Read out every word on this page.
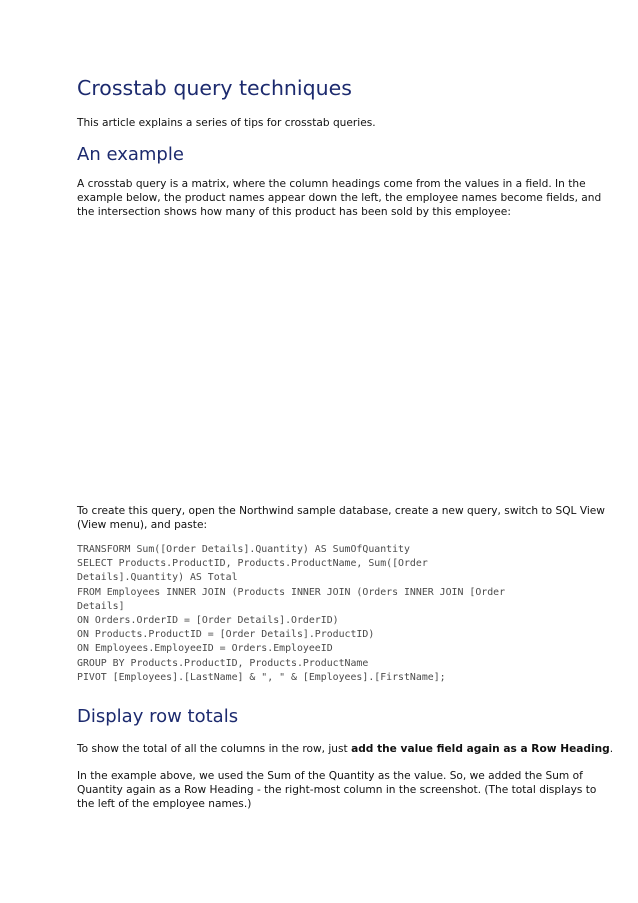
Crosstab query techniques

This article explains a series of tips for crosstab queries.

An example

A crosstab query is a matrix, where the column headings come from the values in a field. In the
example below, the product names appear down the left, the employee names become fields, and
the intersection shows how many of this product has been sold by this employee:

To create this query, open the Northwind sample database, create a new query, switch to SQL View
(View menu), and paste:

TRANSFORM Sum([Order Details].Quantity) AS SumOfQuantity
SELECT Products.ProductID, Products.ProductName, Sum([Order
Details].Quantity) AS Total
FROM Employees INNER JOIN (Products INNER JOIN (Orders INNER JOIN [Order
Details]
ON Orders.OrderID = [Order Details].OrderID)
ON Products.ProductID = [Order Details].ProductID)
ON Employees.EmployeeID = Orders.EmployeeID
GROUP BY Products.ProductID, Products.ProductName
PIVOT [Employees].[LastName] & ", " & [Employees].[FirstName];
Display row totals

To show the total of all the columns in the row, just add the value field again as a Row Heading.

In the example above, we used the Sum of the Quantity as the value. So, we added the Sum of
Quantity again as a Row Heading - the right-most column in the screenshot. (The total displays to
the left of the employee names.)
